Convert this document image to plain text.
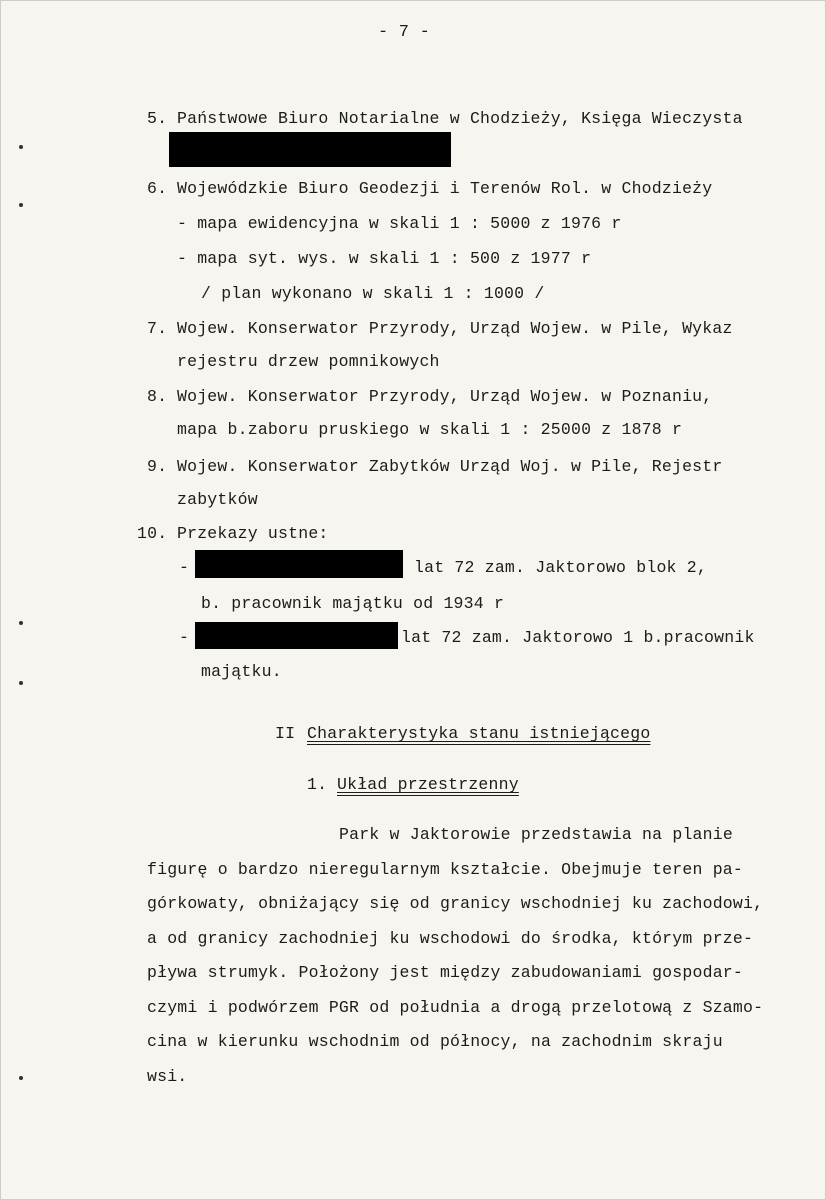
- 7 -
5. Państwowe Biuro Notarialne w Chodzieży, Księga Wieczysta
6. Wojewódzkie Biuro Geodezji i Terenów Rol. w Chodzieży
- mapa ewidencyjna w skali 1 : 5000 z 1976 r
- mapa syt. wys. w skali 1 : 500 z 1977 r
/ plan wykonano w skali 1 : 1000 /
7. Wojew. Konserwator Przyrody, Urząd Wojew. w Pile, Wykaz
rejestru drzew pomnikowych
8. Wojew. Konserwator Przyrody, Urząd Wojew. w Poznaniu,
mapa b.zaboru pruskiego w skali 1 : 25000 z 1878 r
9. Wojew. Konserwator Zabytków Urząd Woj. w Pile, Rejestr
zabytków
10. Przekazy ustne:
-	lat 72 zam. Jaktorowo blok 2,
b. pracownik majątku od 1934 r
-	lat 72 zam. Jaktorowo 1 b.pracownik
majątku.
II Charakterystyka stanu istniejącego
1. Układ przestrzenny
Park w Jaktorowie przedstawia na planie
figurę o bardzo nieregularnym kształcie. Obejmuje teren pa-
górkowaty, obniżający się od granicy wschodniej ku zachodowi,
a od granicy zachodniej ku wschodowi do środka, którym prze-
pływa strumyk. Położony jest między zabudowaniami gospodar-
czymi i podwórzem PGR od południa a drogą przelotową z Szamo-
cina w kierunku wschodnim od północy, na zachodnim skraju
wsi.
